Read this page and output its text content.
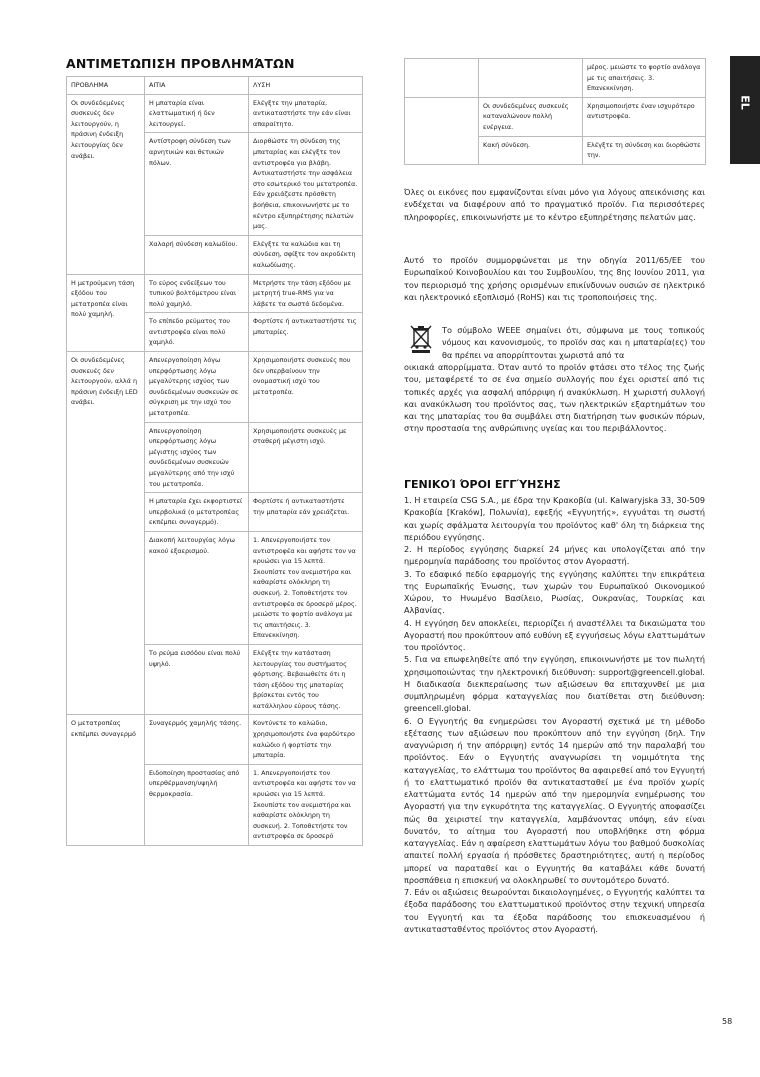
ΑΝΤΙΜΕΤΩΠΙΣΗ ΠΡΟΒΛΗΜΆΤΩΝ
EL
ΠΡΟΒΛΗΜΑ	ΑΙΤΙΑ	ΛΥΣΗ
Οι συνδεδεμένες συσκευές δεν λειτουργούν, η πράσινη ένδειξη λειτουργίας δεν ανάβει.	Η μπαταρία είναι ελαττωματική ή δεν λειτουργεί.	Ελέγξτε την μπαταρία, αντικαταστήστε την εάν είναι απαραίτητο.
	Αντίστροφη σύνδεση των αρνητικών και θετικών πόλων.	Διορθώστε τη σύνδεση της μπαταρίας και ελέγξτε τον αντιστροφέα για βλάβη. Αντικαταστήστε την ασφάλεια στο εσωτερικό του μετατροπέα. Εάν χρειάζεστε πρόσθετη βοήθεια, επικοινωνήστε με το κέντρο εξυπηρέτησης πελατών μας.
	Χαλαρή σύνδεση καλωδίου.	Ελέγξτε τα καλώδια και τη σύνδεση, σφίξτε τον ακροδέκτη καλωδίωσης.
Η μετρούμενη τάση εξόδου του μετατροπέα είναι πολύ χαμηλή.	Το εύρος ενδείξεων του τυπικού βολτόμετρου είναι πολύ χαμηλό.	Μετρήστε την τάση εξόδου με μετρητή true-RMS για να λάβετε τα σωστά δεδομένα.
	Το επίπεδο ρεύματος του αντιστροφέα είναι πολύ χαμηλό.	Φορτίστε ή αντικαταστήστε τις μπαταρίες.
Οι συνδεδεμένες συσκευές δεν λειτουργούν, αλλά η πράσινη ένδειξη LED ανάβει.	Απενεργοποίηση λόγω υπερφόρτωσης λόγω μεγαλύτερης ισχύος των συνδεδεμένων συσκευών σε σύγκριση με την ισχύ του μετατροπέα.	Χρησιμοποιήστε συσκευές που δεν υπερβαίνουν την ονομαστική ισχύ του μετατροπέα.
	Απενεργοποίηση υπερφόρτωσης λόγω μέγιστης ισχύος των συνδεδεμένων συσκευών μεγαλύτερης από την ισχύ του μετατροπέα.	Χρησιμοποιήστε συσκευές με σταθερή μέγιστη ισχύ.
	Η μπαταρία έχει εκφορτιστεί υπερβολικά (ο μετατροπέας εκπέμπει συναγερμό).	Φορτίστε ή αντικαταστήστε την μπαταρία εάν χρειάζεται.
	Διακοπή λειτουργίας λόγω κακού εξαερισμού.	1. Απενεργοποιήστε τον αντιστροφέα και αφήστε τον να κρυώσει για 15 λεπτά. Σκουπίστε τον ανεμιστήρα και καθαρίστε ολόκληρη τη συσκευή. 2. Τοποθετήστε τον αντιστροφέα σε δροσερό μέρος. μειώστε το φορτίο ανάλογα με τις απαιτήσεις. 3. Επανεκκίνηση.
	Το ρεύμα εισόδου είναι πολύ υψηλό.	Ελέγξτε την κατάσταση λειτουργίας του συστήματος φόρτισης. Βεβαιωθείτε ότι η τάση εξόδου της μπαταρίας βρίσκεται εντός του κατάλληλου εύρους τάσης.
Ο μετατροπέας εκπέμπει συναγερμό	Συναγερμός χαμηλής τάσης.	Κοντύνετε το καλώδιο, χρησιμοποιήστε ένα φαρδύτερο καλώδιο ή φορτίστε την μπαταρία.
	Ειδοποίηση προστασίας από υπερθέρμανση/υψηλή θερμοκρασία.	1. Απενεργοποιήστε τον αντιστροφέα και αφήστε τον να κρυώσει για 15 λεπτά. Σκουπίστε τον ανεμιστήρα και καθαρίστε ολόκληρη τη συσκευή. 2. Τοποθετήστε τον αντιστροφέα σε δροσερό
		μέρος. μειώστε το φορτίο ανάλογα με τις απαιτήσεις. 3. Επανεκκίνηση.
	Οι συνδεδεμένες συσκευές καταναλώνουν πολλή ενέργεια.	Χρησιμοποιήστε έναν ισχυρότερο αντιστροφέα.
	Κακή σύνδεση.	Ελέγξτε τη σύνδεση και διορθώστε την.

Όλες οι εικόνες που εμφανίζονται είναι μόνο για λόγους απεικόνισης και ενδέχεται να διαφέρουν από το πραγματικό προϊόν. Για περισσότερες πληροφορίες, επικοινωνήστε με το κέντρο εξυπηρέτησης πελατών μας.

Αυτό το προϊόν συμμορφώνεται με την οδηγία 2011/65/ΕΕ του Ευρωπαϊκού Κοινοβουλίου και του Συμβουλίου, της 8ης Ιουνίου 2011, για τον περιορισμό της χρήσης ορισμένων επικίνδυνων ουσιών σε ηλεκτρικό και ηλεκτρονικό εξοπλισμό (RoHS) και τις τροποποιήσεις της.

Το σύμβολο WEEE σημαίνει ότι, σύμφωνα με τους τοπικούς νόμους και κανονισμούς, το προϊόν σας και η μπαταρία(ες) του θα πρέπει να απορρίπτονται χωριστά από τα

οικιακά απορρίμματα. Όταν αυτό το προϊόν φτάσει στο τέλος της ζωής του, μεταφέρετέ το σε ένα σημείο συλλογής που έχει οριστεί από τις τοπικές αρχές για ασφαλή απόρριψη ή ανακύκλωση. Η χωριστή συλλογή και ανακύκλωση του προϊόντος σας, των ηλεκτρικών εξαρτημάτων του και της μπαταρίας του θα συμβάλει στη διατήρηση των φυσικών πόρων, στην προστασία της ανθρώπινης υγείας και του περιβάλλοντος.

ΓΕΝΙΚΟΊ ΌΡΟΙ ΕΓΓΎΗΣΗΣ
1. Η εταιρεία CSG S.A., με έδρα την Κρακοβία (ul. Kalwaryjska 33, 30-509 Κρακοβία [Kraków], Πολωνία), εφεξής «Εγγυητής», εγγυάται τη σωστή και χωρίς σφάλματα λειτουργία του προϊόντος καθ' όλη τη διάρκεια της περιόδου εγγύησης.
2. Η περίοδος εγγύησης διαρκεί 24 μήνες και υπολογίζεται από την ημερομηνία παράδοσης του προϊόντος στον Αγοραστή.
3. Το εδαφικό πεδίο εφαρμογής της εγγύησης καλύπτει την επικράτεια της Ευρωπαϊκής Ένωσης, των χωρών του Ευρωπαϊκού Οικονομικού Χώρου, το Ηνωμένο Βασίλειο, Ρωσίας, Ουκρανίας, Τουρκίας και Αλβανίας.
4. Η εγγύηση δεν αποκλείει, περιορίζει ή αναστέλλει τα δικαιώματα του Αγοραστή που προκύπτουν από ευθύνη εξ εγγυήσεως λόγω ελαττωμάτων του προϊόντος.
5. Για να επωφεληθείτε από την εγγύηση, επικοινωνήστε με τον πωλητή χρησιμοποιώντας την ηλεκτρονική διεύθυνση: support@greencell.global. Η διαδικασία διεκπεραίωσης των αξιώσεων θα επιταχυνθεί με μια συμπληρωμένη φόρμα καταγγελίας που διατίθεται στη διεύθυνση: greencell.global.
6. Ο Εγγυητής θα ενημερώσει τον Αγοραστή σχετικά με τη μέθοδο εξέτασης των αξιώσεων που προκύπτουν από την εγγύηση (δηλ. Την αναγνώριση ή την απόρριψη) εντός 14 ημερών από την παραλαβή του προϊόντος. Εάν ο Εγγυητής αναγνωρίσει τη νομιμότητα της καταγγελίας, το ελάττωμα του προϊόντος θα αφαιρεθεί από τον Εγγυητή ή το ελαττωματικό προϊόν θα αντικατασταθεί με ένα προϊόν χωρίς ελαττώματα εντός 14 ημερών από την ημερομηνία ενημέρωσης του Αγοραστή για την εγκυρότητα της καταγγελίας. Ο Εγγυητής αποφασίζει πώς θα χειριστεί την καταγγελία, λαμβάνοντας υπόψη, εάν είναι δυνατόν, το αίτημα του Αγοραστή που υποβλήθηκε στη φόρμα καταγγελίας. Εάν η αφαίρεση ελαττωμάτων λόγω του βαθμού δυσκολίας απαιτεί πολλή εργασία ή πρόσθετες δραστηριότητες, αυτή η περίοδος μπορεί να παραταθεί και ο Εγγυητής θα καταβάλει κάθε δυνατή προσπάθεια η επισκευή να ολοκληρωθεί το συντομότερο δυνατό.
7. Εάν οι αξιώσεις θεωρούνται δικαιολογημένες, ο Εγγυητής καλύπτει τα έξοδα παράδοσης του ελαττωματικού προϊόντος στην τεχνική υπηρεσία του Εγγυητή και τα έξοδα παράδοσης του επισκευασμένου ή αντικατασταθέντος προϊόντος στον Αγοραστή.
58
